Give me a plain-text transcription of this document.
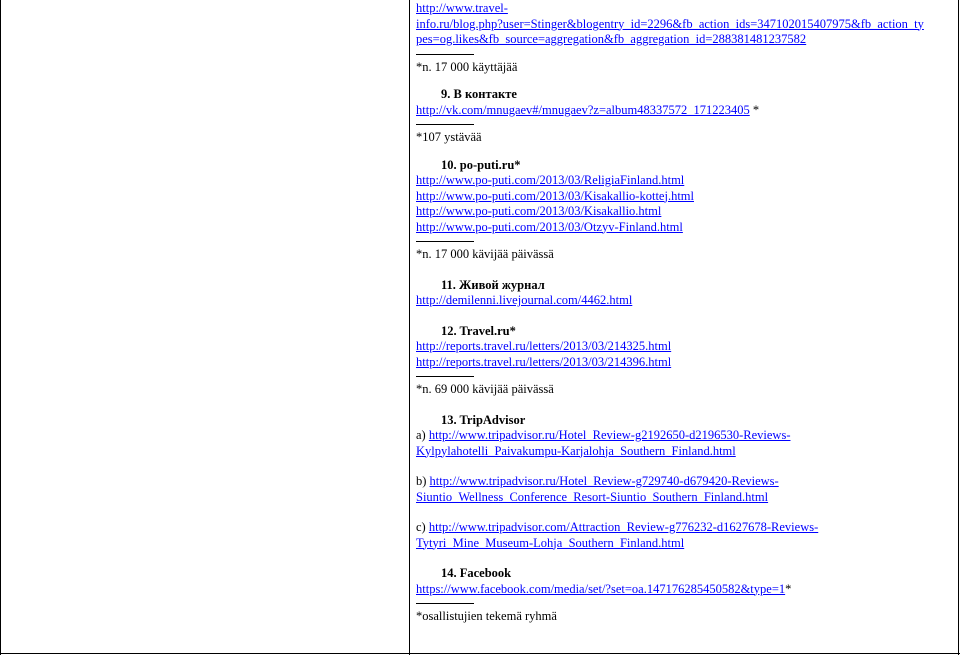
http://www.travel-
info.ru/blog.php?user=Stinger&blogentry_id=2296&fb_action_ids=347102015407975&fb_action_ty
pes=og.likes&fb_source=aggregation&fb_aggregation_id=288381481237582
*n. 17 000 käyttäjää
9. В контакте
http://vk.com/mnugaev#/mnugaev?z=album48337572_171223405 *
*107 ystävää
10. po-puti.ru*
http://www.po-puti.com/2013/03/ReligiaFinland.html
http://www.po-puti.com/2013/03/Kisakallio-kottej.html
http://www.po-puti.com/2013/03/Kisakallio.html
http://www.po-puti.com/2013/03/Otzyv-Finland.html
*n. 17 000 kävijää päivässä
11. Живой журнал
http://demilenni.livejournal.com/4462.html
12. Travel.ru*
http://reports.travel.ru/letters/2013/03/214325.html
http://reports.travel.ru/letters/2013/03/214396.html
*n. 69 000 kävijää päivässä
13. TripAdvisor
a) http://www.tripadvisor.ru/Hotel_Review-g2192650-d2196530-Reviews-
Kylpylahotelli_Paivakumpu-Karjalohja_Southern_Finland.html
b) http://www.tripadvisor.ru/Hotel_Review-g729740-d679420-Reviews-
Siuntio_Wellness_Conference_Resort-Siuntio_Southern_Finland.html
c) http://www.tripadvisor.com/Attraction_Review-g776232-d1627678-Reviews-
Tytyri_Mine_Museum-Lohja_Southern_Finland.html
14. Facebook
https://www.facebook.com/media/set/?set=oa.147176285450582&type=1*
*osallistujien tekemä ryhmä
